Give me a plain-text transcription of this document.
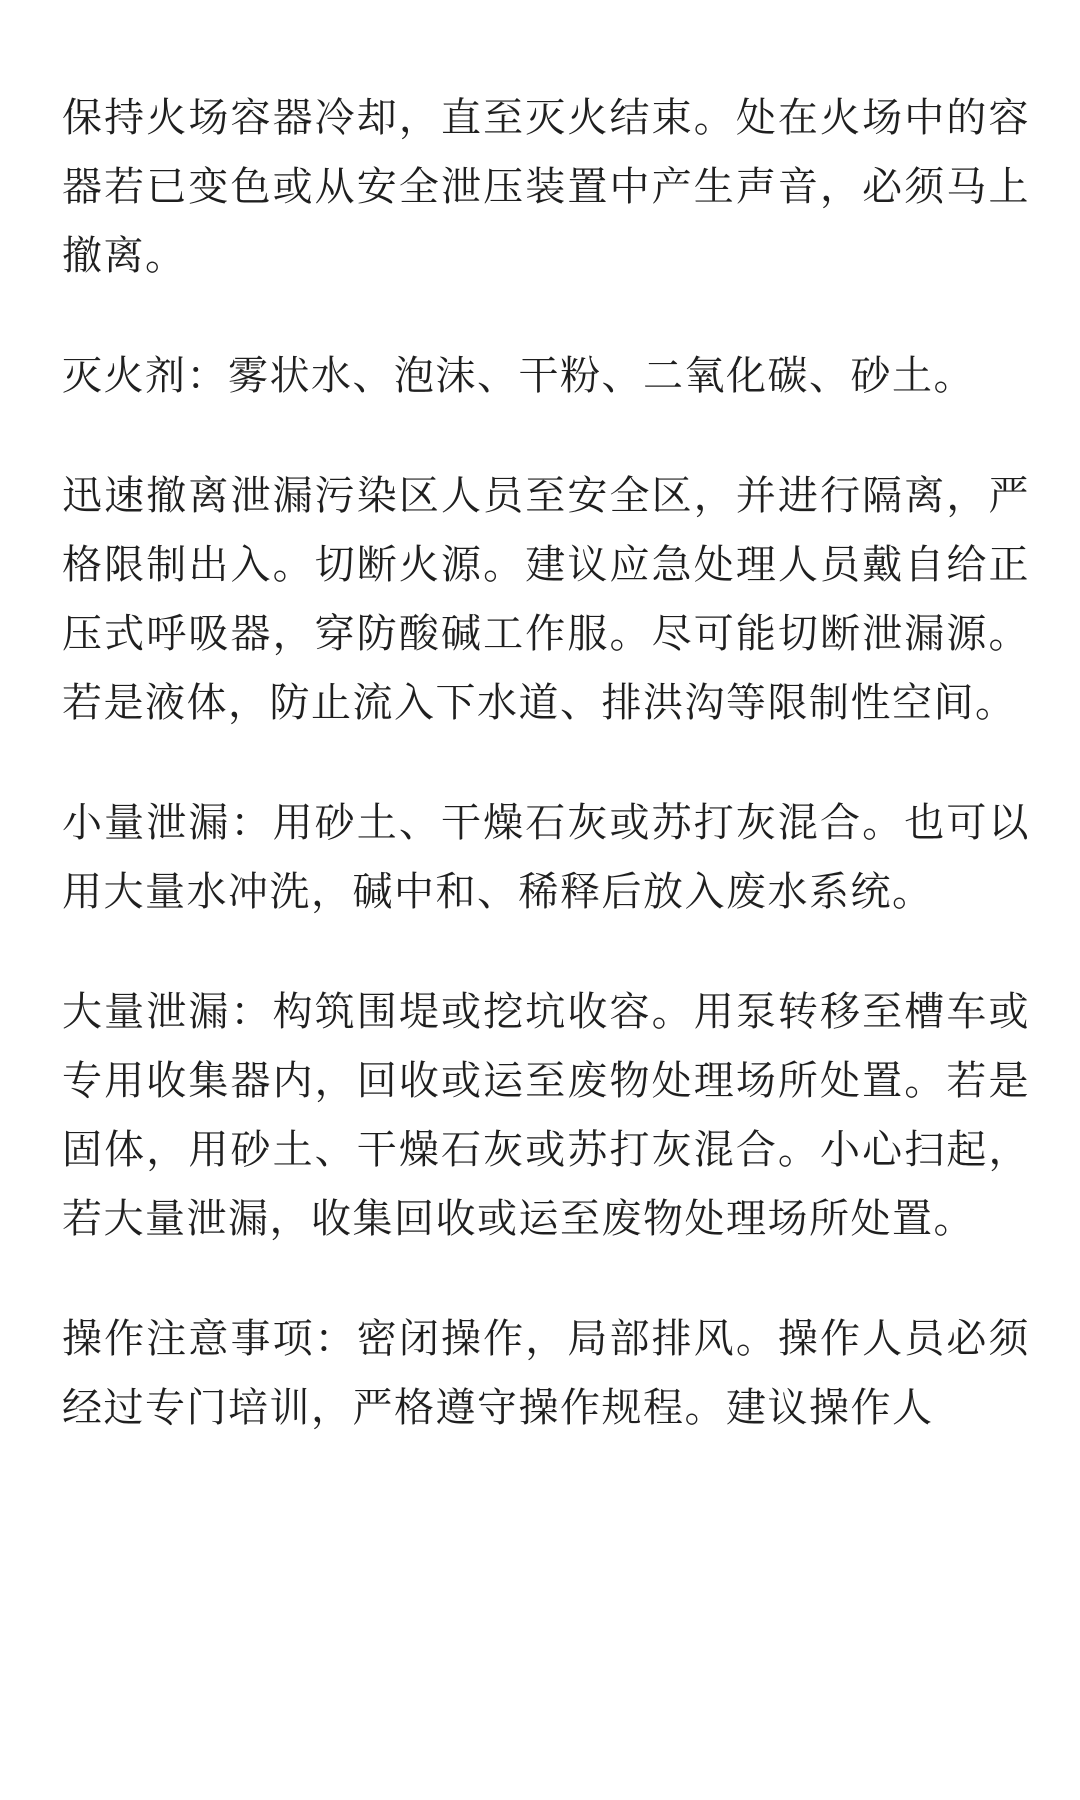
保持火场容器冷却，直至灭火结束。处在火场中的容器若已变色或从安全泄压装置中产生声音，必须马上撤离。

灭火剂：雾状水、泡沫、干粉、二氧化碳、砂土。

迅速撤离泄漏污染区人员至安全区，并进行隔离，严格限制出入。切断火源。建议应急处理人员戴自给正压式呼吸器，穿防酸碱工作服。尽可能切断泄漏源。若是液体，防止流入下水道、排洪沟等限制性空间。

小量泄漏：用砂土、干燥石灰或苏打灰混合。也可以用大量水冲洗，碱中和、稀释后放入废水系统。

大量泄漏：构筑围堤或挖坑收容。用泵转移至槽车或专用收集器内，回收或运至废物处理场所处置。若是固体，用砂土、干燥石灰或苏打灰混合。小心扫起，若大量泄漏，收集回收或运至废物处理场所处置。

操作注意事项：密闭操作，局部排风。操作人员必须经过专门培训，严格遵守操作规程。建议操作人
